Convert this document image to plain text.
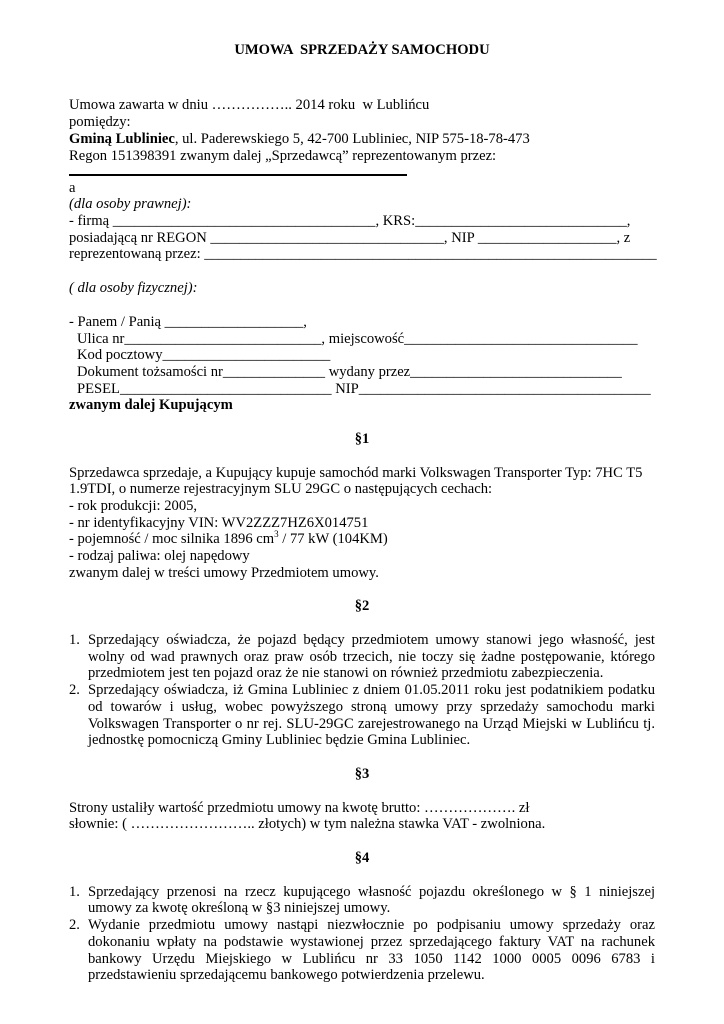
UMOWA  SPRZEDAŻY SAMOCHODU
Umowa zawarta w dniu …………….. 2014 roku  w Lublińcu
pomiędzy:
Gminą Lubliniec, ul. Paderewskiego 5, 42-700 Lubliniec, NIP 575-18-78-473
Regon 151398391 zwanym dalej „Sprzedawcą” reprezentowanym przez:
a
(dla osoby prawnej):
- firmą ____________________________________, KRS:_____________________________,
posiadającą nr REGON ________________________________, NIP ___________________, z
reprezentowaną przez: ______________________________________________________________
( dla osoby fizycznej):
- Panem / Panią ___________________,
Ulica nr___________________________, miejscowość________________________________
Kod pocztowy_______________________
Dokument tożsamości nr______________ wydany przez_____________________________
PESEL_____________________________ NIP________________________________________
zwanym dalej Kupującym
§1
Sprzedawca sprzedaje, a Kupujący kupuje samochód marki Volkswagen Transporter Typ: 7HC T5
1.9TDI, o numerze rejestracyjnym SLU 29GC o następujących cechach:
- rok produkcji: 2005,
- nr identyfikacyjny VIN: WV2ZZZ7HZ6X014751
- pojemność / moc silnika 1896 $cm^3 / 77$ kW (104KM)
- rodzaj paliwa: olej napędowy
zwanym dalej w treści umowy Przedmiotem umowy.
§2
1. Sprzedający oświadcza, że pojazd będący przedmiotem umowy stanowi jego własność, jest
wolny od wad prawnych oraz praw osób trzecich, nie toczy się żadne postępowanie, którego
przedmiotem jest ten pojazd oraz że nie stanowi on również przedmiotu zabezpieczenia.
2. Sprzedający oświadcza, iż Gmina Lubliniec z dniem 01.05.2011 roku jest podatnikiem podatku
od towarów i usług, wobec powyższego stroną umowy przy sprzedaży samochodu marki
Volkswagen Transporter o nr rej. SLU-29GC zarejestrowanego na Urząd Miejski w Lublińcu tj.
jednostkę pomocniczą Gminy Lubliniec będzie Gmina Lubliniec.
§3
Strony ustaliły wartość przedmiotu umowy na kwotę brutto: ………………. zł
słownie: ( …………………….. złotych) w tym należna stawka VAT - zwolniona.
§4
1. Sprzedający przenosi na rzecz kupującego własność pojazdu określonego w § 1 niniejszej
umowy za kwotę określoną w §3 niniejszej umowy.
2. Wydanie przedmiotu umowy nastąpi niezwłocznie po podpisaniu umowy sprzedaży oraz
dokonaniu wpłaty na podstawie wystawionej przez sprzedającego faktury VAT na rachunek
bankowy Urzędu Miejskiego w Lublińcu nr 33 1050 1142 1000 0005 0096 6783 i
przedstawieniu sprzedającemu bankowego potwierdzenia przelewu.
